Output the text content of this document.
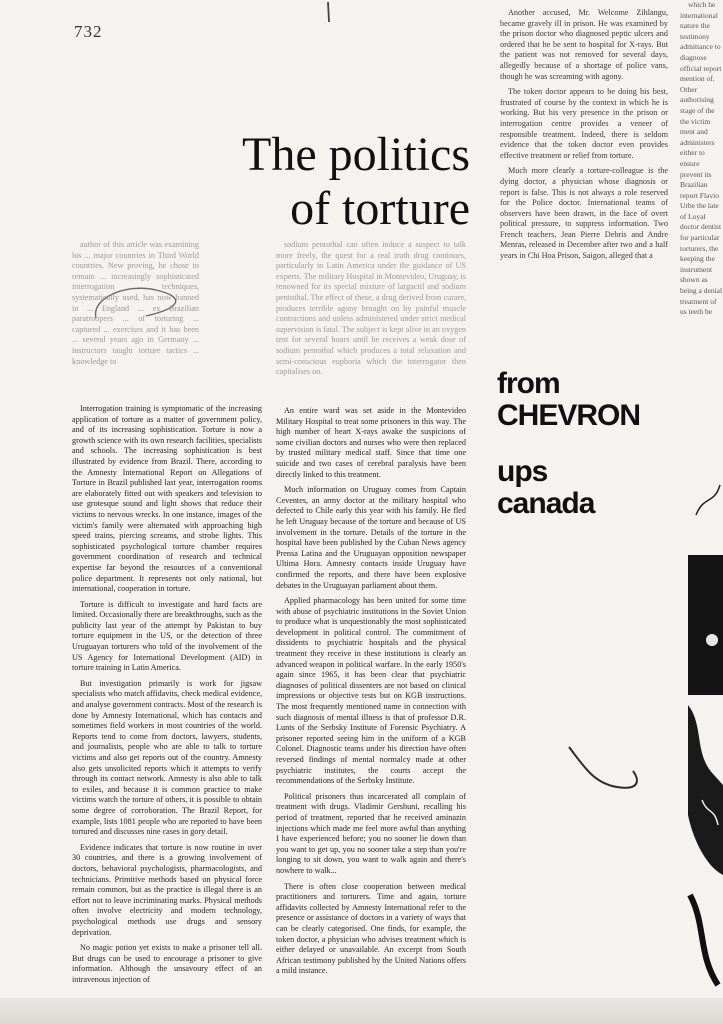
732
The politics
of torture
from
CHEVRON
ups
canada

author of this article was examining his ... major countries in Third World countries. New proving, he chose to remain ... increasingly sophisticated interrogation techniques, systematically used, has now banned in ... England ... ex Brazilian paratroopers ... of torturing ... captured ... exercises and it has been ... several years ago in Germany ... instructors taught torture tactics ... knowledge to

Interrogation training is symptomatic of the increasing application of torture as a matter of government policy, and of its increasing sophistication. Torture is now a growth science with its own research facilities, specialists and schools. The increasing sophistication is best illustrated by evidence from Brazil. There, according to the Amnesty International Report on Allegations of Torture in Brazil published last year, interrogation rooms are elaborately fitted out with speakers and television to use grotesque sound and light shows that reduce their victims to nervous wrecks. In one instance, images of the victim's family were alternated with approaching high speed trains, piercing screams, and strobe lights. This sophisticated psychological torture chamber requires government coordination of research and technical expertise far beyond the resources of a conventional police department. It represents not only national, but international, cooperation in torture.

Torture is difficult to investigate and hard facts are limited. Occasionally there are breakthroughs, such as the publicity last year of the attempt by Pakistan to buy torture equipment in the US, or the detection of three Uruguayan torturers who told of the involvement of the US Agency for International Development (AID) in torture training in Latin America.

But investigation primarily is work for jigsaw specialists who match affidavits, check medical evidence, and analyse government contracts. Most of the research is done by Amnesty International, which has contacts and sometimes field workers in most countries of the world. Reports tend to come from doctors, lawyers, students, and journalists, people who are able to talk to torture victims and also get reports out of the country. Amnesty also gets unsolicited reports which it attempts to verify through its contact network. Amnesty is also able to talk to exiles, and because it is common practice to make victims watch the torture of others, it is possible to obtain some degree of corroboration. The Brazil Report, for example, lists 1081 people who are reported to have been tortured and discusses nine cases in gory detail.

Evidence indicates that torture is now routine in over 30 countries, and there is a growing involvement of doctors, behavioral psychologists, pharmacologists, and technicians. Primitive methods based on physical force remain common, but as the practice is illegal there is an effort not to leave incriminating marks. Physical methods often involve electricity and modern technology, psychological methods use drugs and sensory deprivation.

No magic potion yet exists to make a prisoner tell all. But drugs can be used to encourage a prisoner to give information. Although the unsavoury effect of an intravenous injection of

sodium pentothal can often induce a suspect to talk more freely, the quest for a real truth drug continues, particularly in Latin America under the guidance of US experts. The military Hospital in Montevideo, Uruguay, is renowned for its special mixture of largactil and sodium pentothal. The effect of these, a drug derived from curare, produces terrible agony brought on by painful muscle contractions and unless administered under strict medical supervision is fatal. The subject is kept alive in an oxygen tent for several hours until he receives a weak dose of sodium pentothal which produces a total relaxation and semi-conscious euphoria which the interrogator then capitalises on.

An entire ward was set aside in the Montevideo Military Hospital to treat some prisoners in this way. The high number of heart X-rays awake the suspicions of some civilian doctors and nurses who were then replaced by trusted military medical staff. Since that time one suicide and two cases of cerebral paralysis have been directly linked to this treatment.

Much information on Uruguay comes from Captain Ceventes, an army doctor at the military hospital who defected to Chile early this year with his family. He fled he left Uruguay because of the torture and because of US involvement in the torture. Details of the torture in the hospital have been published by the Cuban News agency Prensa Latina and the Uruguayan opposition newspaper Ultima Hora. Amnesty contacts inside Uruguay have confirmed the reports, and there have been explosive debates in the Uruguayan parliament about them.

Applied pharmacology has been united for some time with abuse of psychiatric institutions in the Soviet Union to produce what is unquestionably the most sophisticated development in political control. The commitment of dissidents to psychiatric hospitals and the physical treatment they receive in these institutions is clearly an advanced weapon in political warfare. In the early 1950's again since 1965, it has been clear that psychiatric diagnoses of political dissenters are not based on clinical impressions or objective tests but on KGB instructions. The most frequently mentioned name in connection with such diagnosis of mental illness is that of professor D.R. Lunts of the Serbsky Institute of Forensic Psychiatry. A prisoner reported seeing him in the uniform of a KGB Colonel. Diagnostic teams under his direction have often reversed findings of mental normalcy made at other psychiatric institutes, the courts accept the recommendations of the Serbsky Institute.

Political prisoners thus incarcerated all complain of treatment with drugs. Vladimir Gershuni, recalling his period of treatment, reported that he received aminazin injections which made me feel more awful than anything I have experienced before; you no sooner lie down than you want to get up, you no sooner take a step than you're longing to sit down, you want to walk again and there's nowhere to walk...

There is often close cooperation between medical practitioners and torturers. Time and again, torture affidavits collected by Amnesty International refer to the presence or assistance of doctors in a variety of ways that can be clearly categorised. One finds, for example, the token doctor, a physician who advises treatment which is either delayed or unavailable. An excerpt from South African testimony published by the United Nations offers a mild instance.

Another accused, Mr. Welcome Zihlangu, became gravely ill in prison. He was examined by the prison doctor who diagnosed peptic ulcers and ordered that he be sent to hospital for X-rays. But the patient was not removed for several days, allegedly because of a shortage of police vans, though he was screaming with agony.

The token doctor appears to be doing his best, frustrated of course by the context in which he is working. But his very presence in the prison or interrogation centre provides a veneer of responsible treatment. Indeed, there is seldom evidence that the token doctor even provides effective treatment or relief from torture.

Much more clearly a torture-colleague is the dying doctor, a physician whose diagnosis or report is false. This is not always a role reserved for the Police doctor. International teams of observers have been drawn, in the face of overt political pressure, to suppress information. Two French teachers, Jean Pierre Debris and Andre Menras, released in December after two and a half years in Chi Hoa Prison, Saigon, alleged that a

which he international nature the testimony admittance to diagnose official report mention of. Other authorising stage of the the victim ment and administers either to ensure prevent its Brazilian report Flavio Urbe the late of Loyal doctor dentist for particular torturers, the keeping the instrument shown as being a denial treatment of us teeth be
